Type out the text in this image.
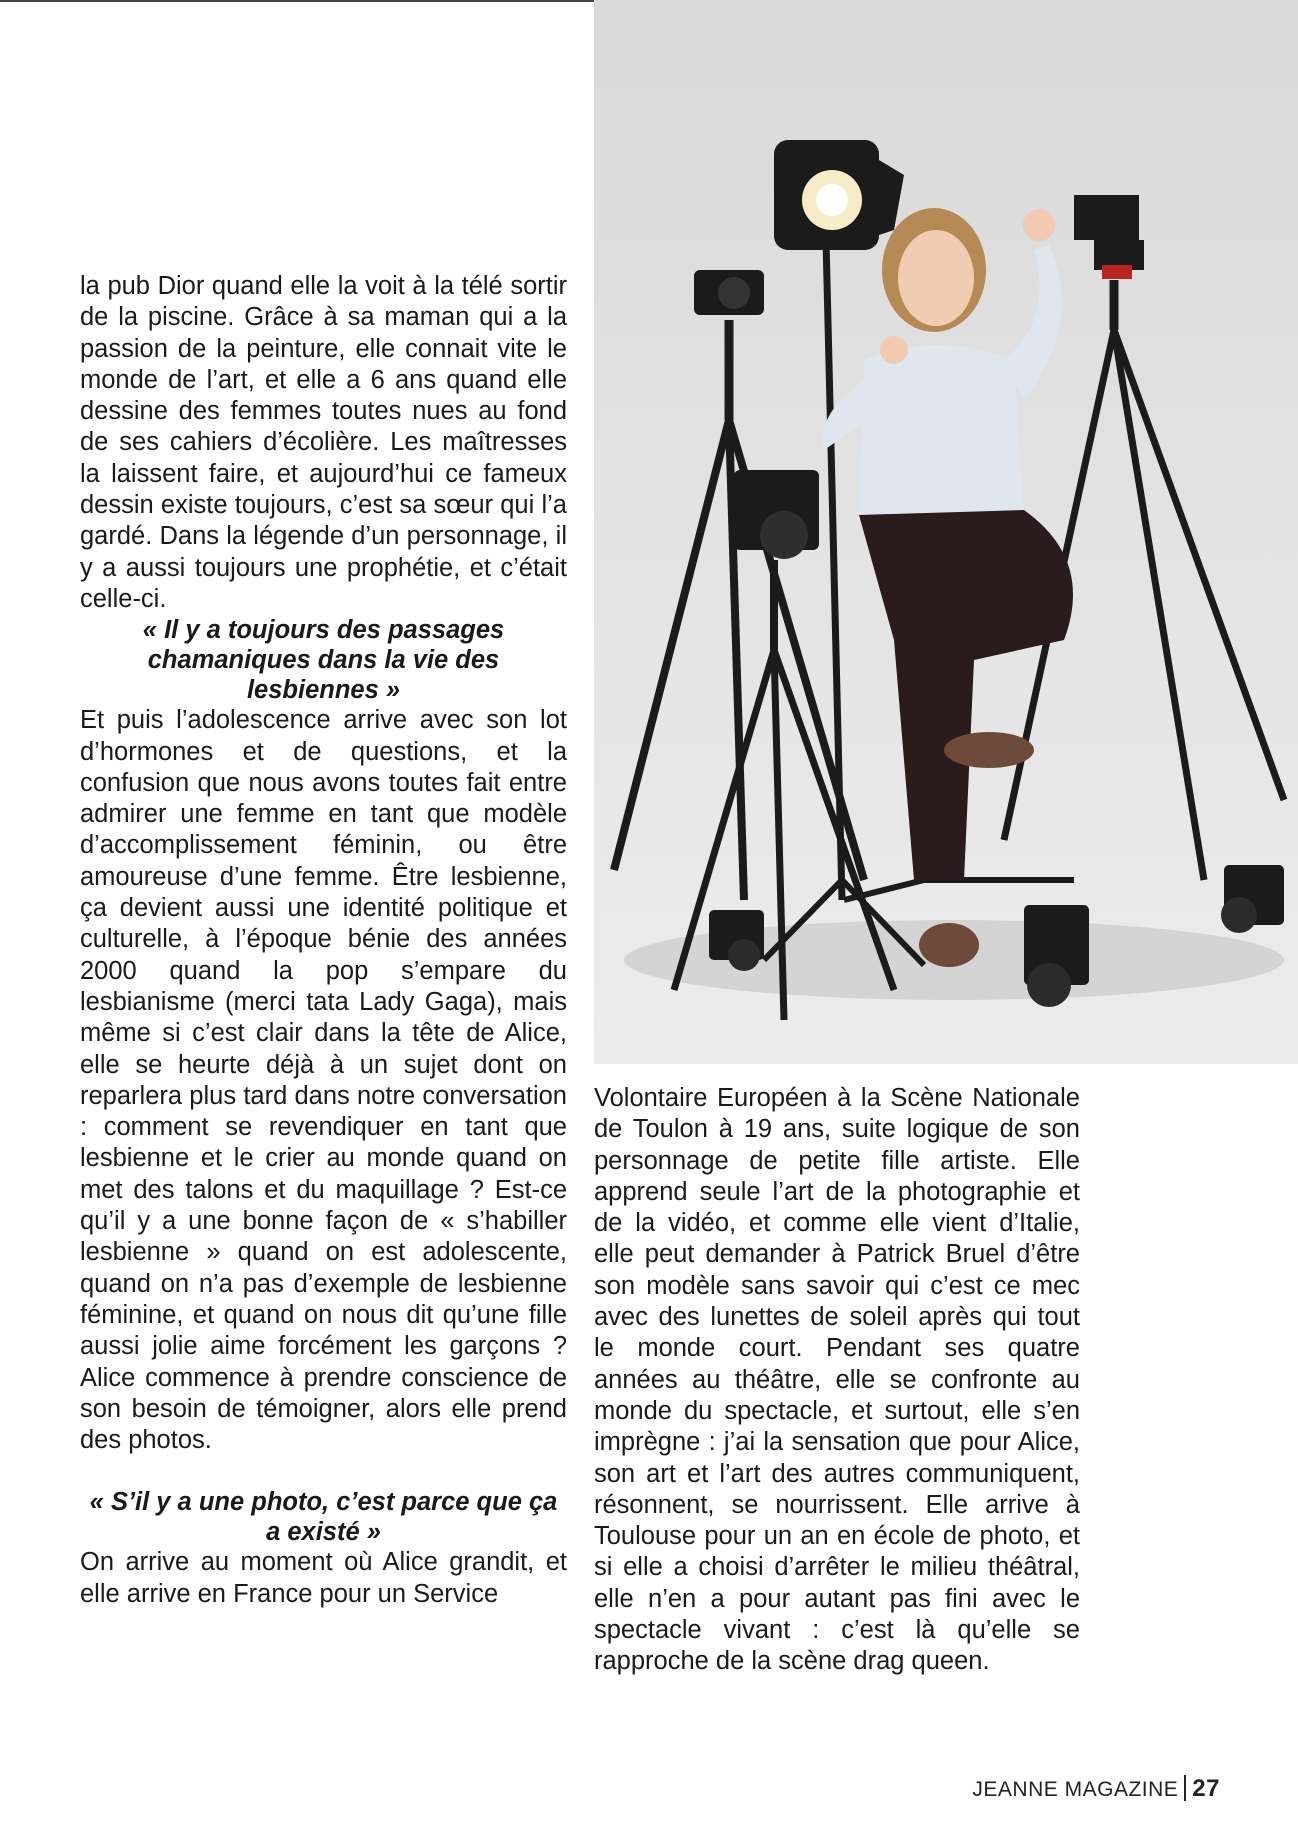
la pub Dior quand elle la voit à la télé sortir de la piscine. Grâce à sa maman qui a la passion de la peinture, elle connait vite le monde de l’art, et elle a 6 ans quand elle dessine des femmes toutes nues au fond de ses cahiers d’écolière. Les maîtresses la laissent faire, et aujourd’hui ce fameux dessin existe toujours, c’est sa sœur qui l’a gardé. Dans la légende d’un personnage, il y a aussi toujours une prophétie, et c’était celle-ci.

« Il y a toujours des passages chamaniques dans la vie des lesbiennes »

Et puis l’adolescence arrive avec son lot d’hormones et de questions, et la confusion que nous avons toutes fait entre admirer une femme en tant que modèle d’accomplissement féminin, ou être amoureuse d’une femme. Être lesbienne, ça devient aussi une identité politique et culturelle, à l’époque bénie des années 2000 quand la pop s’empare du lesbianisme (merci tata Lady Gaga), mais même si c’est clair dans la tête de Alice, elle se heurte déjà à un sujet dont on reparlera plus tard dans notre conversation : comment se revendiquer en tant que lesbienne et le crier au monde quand on met des talons et du maquillage ? Est-ce qu’il y a une bonne façon de « s’habiller lesbienne » quand on est adolescente, quand on n’a pas d’exemple de lesbienne féminine, et quand on nous dit qu’une fille aussi jolie aime forcément les garçons ? Alice commence à prendre conscience de son besoin de témoigner, alors elle prend des photos.

« S’il y a une photo, c’est parce que ça a existé »

On arrive au moment où Alice grandit, et elle arrive en France pour un Service

Volontaire Européen à la Scène Nationale de Toulon à 19 ans, suite logique de son personnage de petite fille artiste. Elle apprend seule l’art de la photographie et de la vidéo, et comme elle vient d’Italie, elle peut demander à Patrick Bruel d’être son modèle sans savoir qui c’est ce mec avec des lunettes de soleil après qui tout le monde court. Pendant ses quatre années au théâtre, elle se confronte au monde du spectacle, et surtout, elle s’en imprègne : j’ai la sensation que pour Alice, son art et l’art des autres communiquent, résonnent, se nourrissent. Elle arrive à Toulouse pour un an en école de photo, et si elle a choisi d’arrêter le milieu théâtral, elle n’en a pour autant pas fini avec le spectacle vivant : c’est là qu’elle se rapproche de la scène drag queen.

JEANNE MAGAZINE 27
